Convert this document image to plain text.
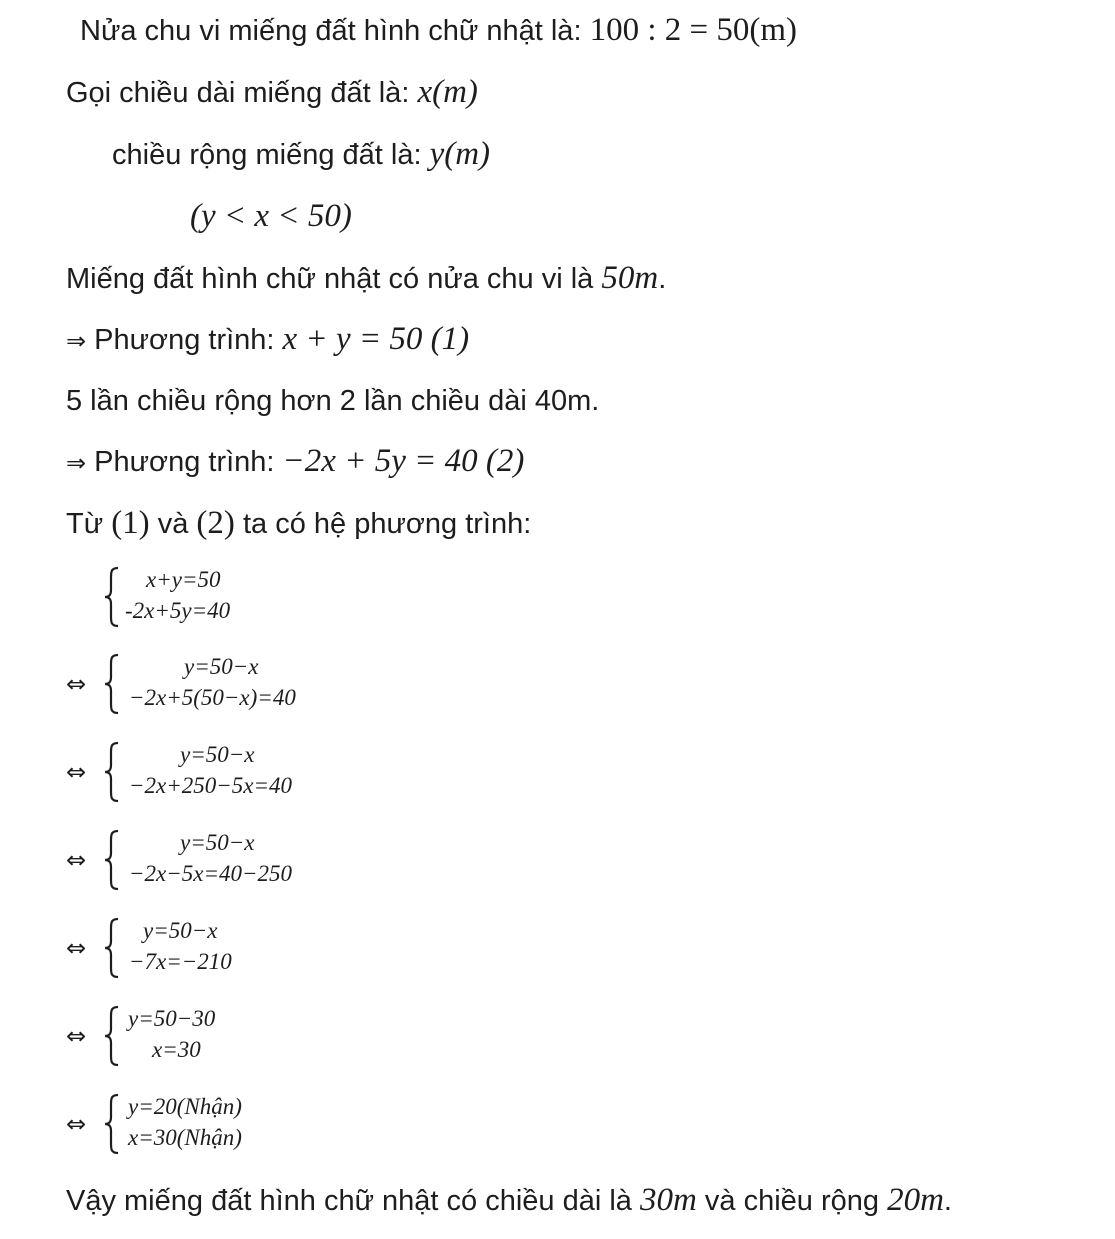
Nửa chu vi miếng đất hình chữ nhật là: 100 : 2 = 50(m)
Gọi chiều dài miếng đất là: x(m)
chiều rộng miếng đất là: y(m)
(y < x < 50)
Miếng đất hình chữ nhật có nửa chu vi là 50m.
⇒ Phương trình: x + y = 50 (1)
5 lần chiều rộng hơn 2 lần chiều dài 40m.
⇒ Phương trình: −2x + 5y = 40 (2)
Từ (1) và (2) ta có hệ phương trình:
x+y=50
-2x+5y=40
⇔
y=50−x
−2x+5(50−x)=40
⇔
y=50−x
−2x+250−5x=40
⇔
y=50−x
−2x−5x=40−250
⇔
y=50−x
−7x=−210
⇔
y=50−30
x=30
⇔
y=20(Nhận)
x=30(Nhận)
Vậy miếng đất hình chữ nhật có chiều dài là 30m và chiều rộng 20m.
